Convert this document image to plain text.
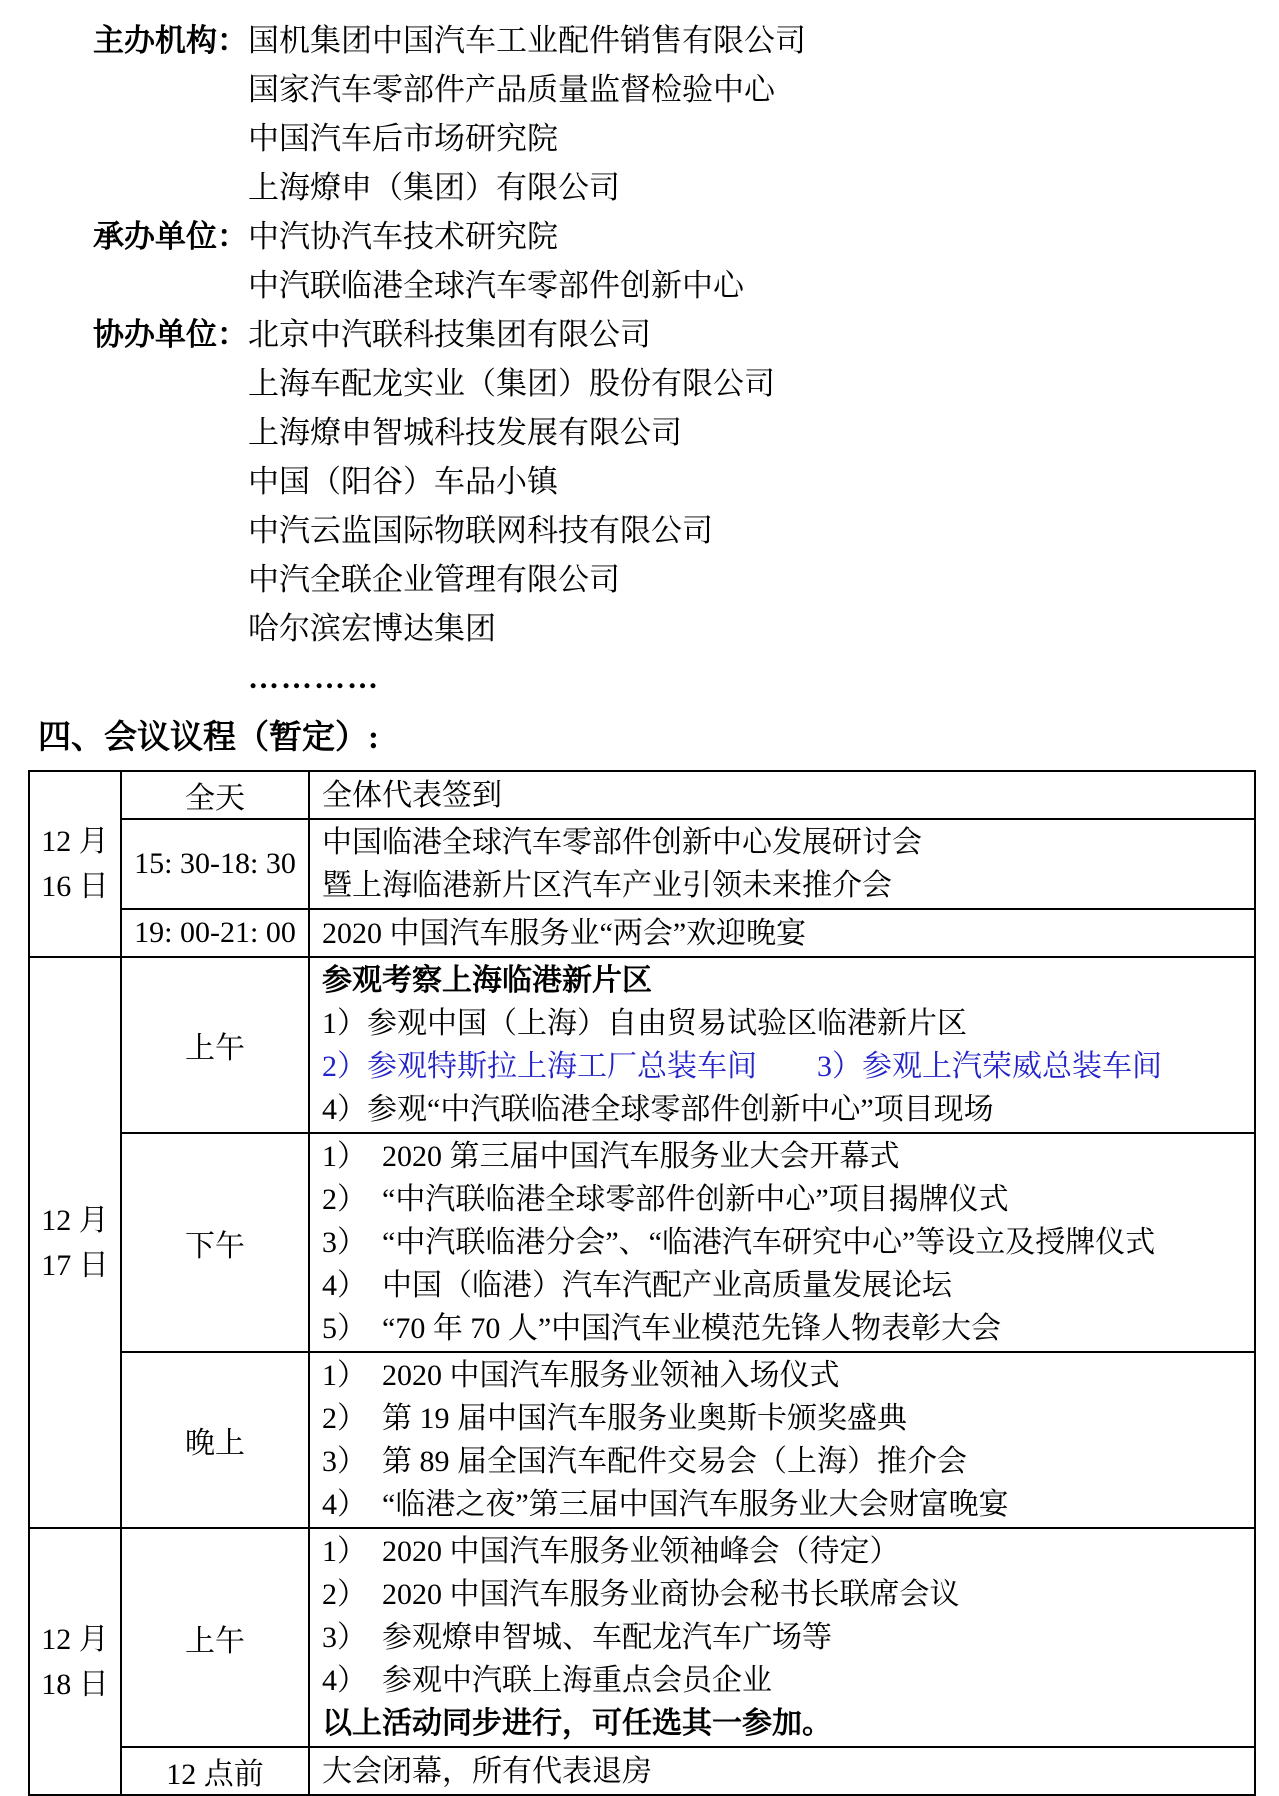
主办机构： 国机集团中国汽车工业配件销售有限公司
国家汽车零部件产品质量监督检验中心
中国汽车后市场研究院
上海燎申（集团）有限公司
承办单位： 中汽协汽车技术研究院
中汽联临港全球汽车零部件创新中心
协办单位： 北京中汽联科技集团有限公司
上海车配龙实业（集团）股份有限公司
上海燎申智城科技发展有限公司
中国（阳谷）车品小镇
中汽云监国际物联网科技有限公司
中汽全联企业管理有限公司
哈尔滨宏博达集团
…………
四、会议议程（暂定）:
12 月
16 日	全天	全体代表签到

	15: 30-18: 30	中国临港全球汽车零部件创新中心发展研讨会
暨上海临港新片区汽车产业引领未来推介会

	19: 00-21: 00	2020 中国汽车服务业“两会”欢迎晚宴

12 月
17 日
	上午	
参观考察上海临港新片区
1）参观中国（上海）自由贸易试验区临港新片区
2）参观特斯拉上海工厂总装车间　　3）参观上汽荣威总装车间
4）参观“中汽联临港全球零部件创新中心”项目现场

	下午	1）　2020 第三届中国汽车服务业大会开幕式
2）　“中汽联临港全球零部件创新中心”项目揭牌仪式
3）　“中汽联临港分会”、“临港汽车研究中心”等设立及授牌仪式
4）　中国（临港）汽车汽配产业高质量发展论坛
5）　“70 年 70 人”中国汽车业模范先锋人物表彰大会

	晚上	1）　2020 中国汽车服务业领袖入场仪式
2）　第 19 届中国汽车服务业奥斯卡颁奖盛典
3）　第 89 届全国汽车配件交易会（上海）推介会
4）　“临港之夜”第三届中国汽车服务业大会财富晚宴

12 月
18 日
	上午	
1）　2020 中国汽车服务业领袖峰会（待定）
2）　2020 中国汽车服务业商协会秘书长联席会议
3）　参观燎申智城、车配龙汽车广场等
4）　参观中汽联上海重点会员企业
以上活动同步进行，可任选其一参加。

	12 点前	大会闭幕，所有代表退房
